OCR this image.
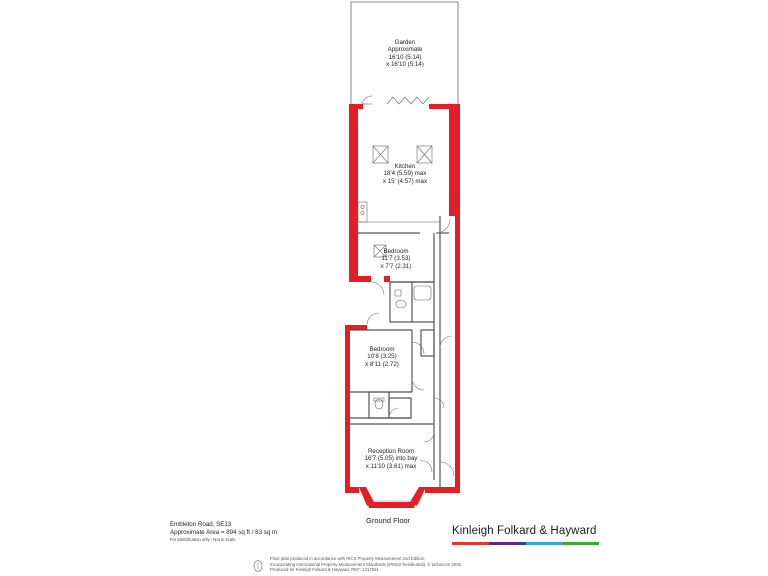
Garden
Approximate
16'10 (5.14)
x 16'10 (5.14)
Kitchen
18'4 (5.59) max
x 15' (4.57) max
Bedroom
11'7 (3.53)
x 7'7 (2.31)
Bedroom
10'8 (3.25)
x 8'11 (2.72)
Reception Room
16'7 (5.05) into bay
x 11'10 (3.61) max
Ground Floor
Embleton Road, SE13
Approximate Area = 894 sq ft / 83 sq m
For identification only - Not to scale
Kinleigh Folkard & Hayward
Floor plan produced in accordance with RICS Property Measurement 2nd Edition,
Incorporating International Property Measurement Standards (IPMS2 Residential). © nichecom 2025.
Produced for Kinleigh Folkard & Hayward. REF: 1317561
